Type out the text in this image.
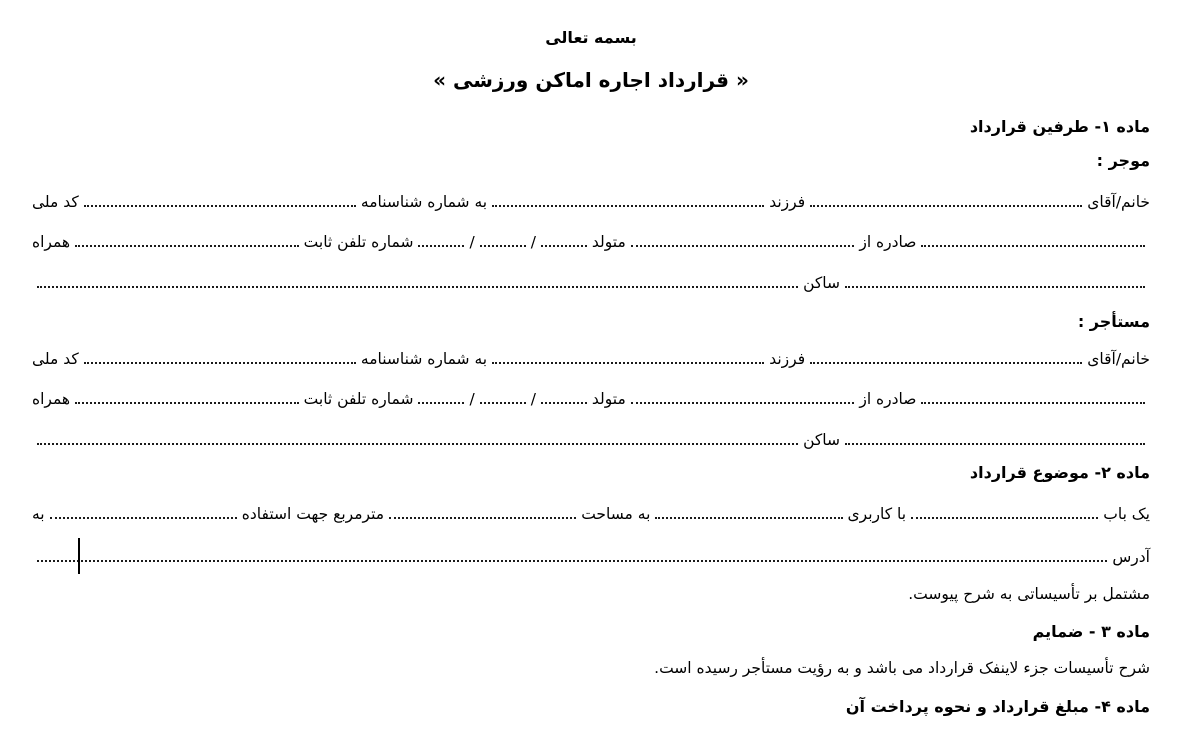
بسمه تعالی
« قرارداد اجاره اماکن ورزشی »
ماده ۱- طرفین قرارداد
موجر :
خانم/آقای
فرزند
به شماره شناسنامه
کد ملی
صادره از
متولد
/
/
شماره تلفن ثابت
همراه
ساکن
مستأجر :
خانم/آقای
فرزند
به شماره شناسنامه
کد ملی
صادره از
متولد
/
/
شماره تلفن ثابت
همراه
ساکن
ماده ۲- موضوع قرارداد
یک باب
با کاربری
به مساحت
مترمربع جهت استفاده
به
آدرس
مشتمل بر تأسیساتی به شرح پیوست.
ماده ۳ - ضمایم
شرح تأسیسات جزء لاینفک قرارداد می باشد و به رؤیت مستأجر رسیده است.
ماده ۴- مبلغ قرارداد و نحوه پرداخت آن
